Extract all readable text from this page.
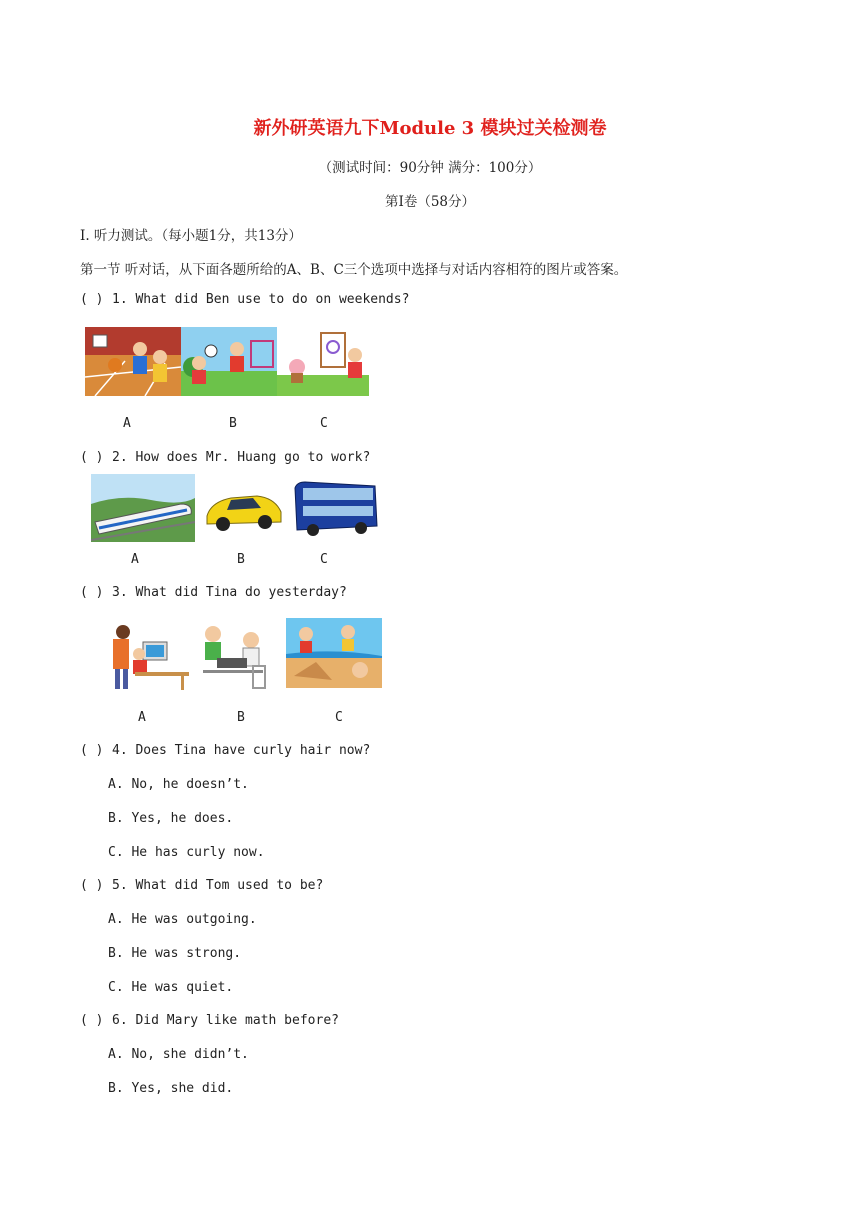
新外研英语九下Module 3 模块过关检测卷
（测试时间：90分钟 满分：100分）
第Ⅰ卷（58分）
Ⅰ. 听力测试。（每小题1分，共13分）
第一节 听对话，从下面各题所给的A、B、C三个选项中选择与对话内容相符的图片或答案。
( ) 1. What did Ben use to do on weekends?
A	B	C
( ) 2. How does Mr. Huang go to work?
A	B	C
( ) 3. What did Tina do yesterday?
A	B	C
( ) 4. Does Tina have curly hair now?
A. No, he doesn’t.
B. Yes, he does.
C. He has curly now.
( ) 5. What did Tom used to be?
A. He was outgoing.
B. He was strong.
C. He was quiet.
( ) 6. Did Mary like math before?
A. No, she didn’t.
B. Yes, she did.
